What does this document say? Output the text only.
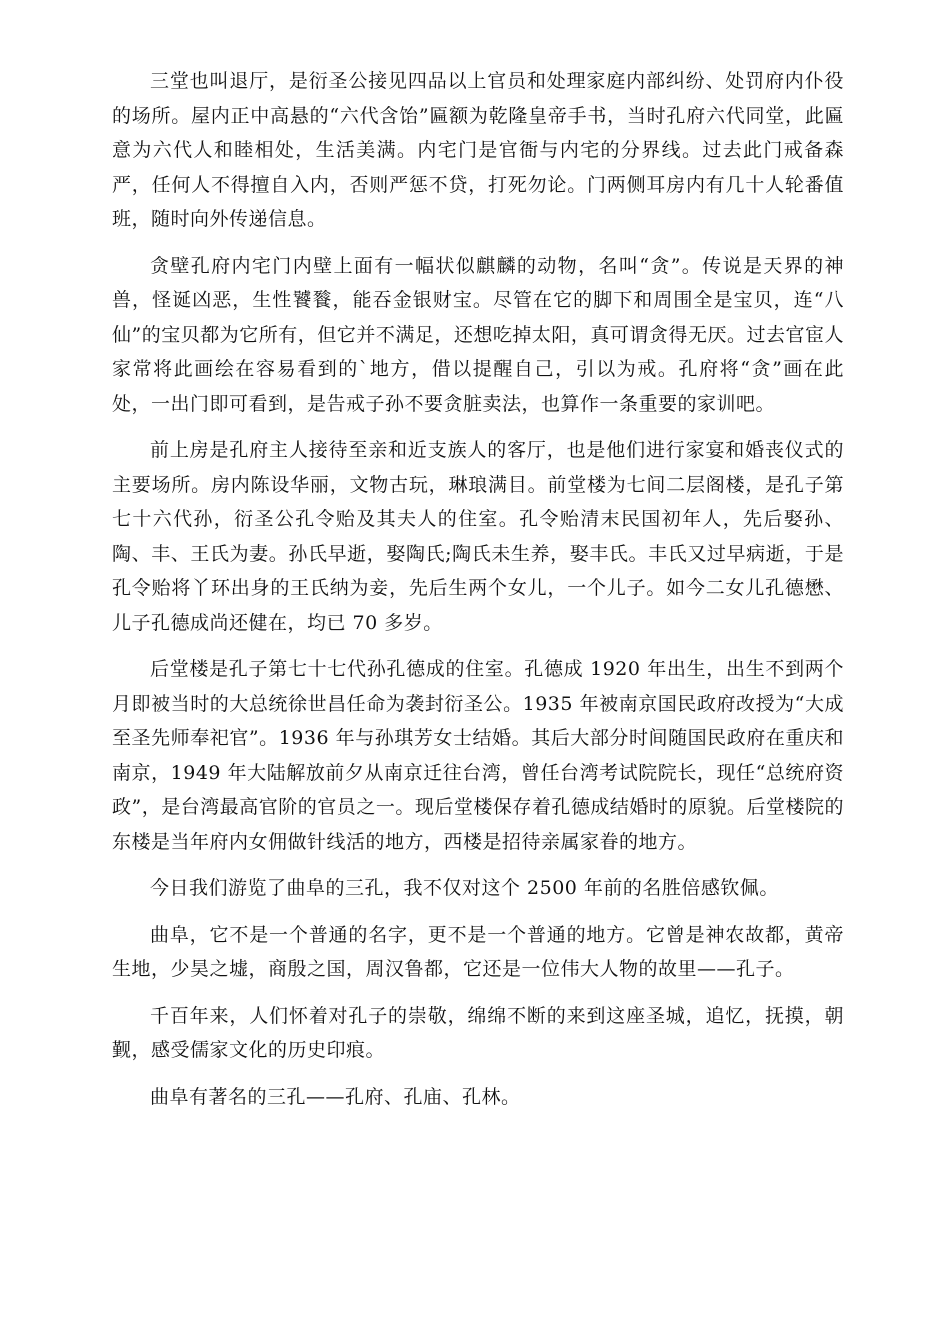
三堂也叫退厅，是衍圣公接见四品以上官员和处理家庭内部纠纷、处罚府内仆役的场所。屋内正中高悬的“六代含饴”匾额为乾隆皇帝手书，当时孔府六代同堂，此匾意为六代人和睦相处，生活美满。内宅门是官衙与内宅的分界线。过去此门戒备森严，任何人不得擅自入内，否则严惩不贷，打死勿论。门两侧耳房内有几十人轮番值班，随时向外传递信息。

贪壁孔府内宅门内壁上面有一幅状似麒麟的动物，名叫“贪”。传说是天界的神兽，怪诞凶恶，生性饕餮，能吞金银财宝。尽管在它的脚下和周围全是宝贝，连“八仙”的宝贝都为它所有，但它并不满足，还想吃掉太阳，真可谓贪得无厌。过去官宦人家常将此画绘在容易看到的`地方，借以提醒自己，引以为戒。孔府将“贪”画在此处，一出门即可看到，是告戒子孙不要贪脏卖法，也算作一条重要的家训吧。

前上房是孔府主人接待至亲和近支族人的客厅，也是他们进行家宴和婚丧仪式的主要场所。房内陈设华丽，文物古玩，琳琅满目。前堂楼为七间二层阁楼，是孔子第七十六代孙，衍圣公孔令贻及其夫人的住室。孔令贻清末民国初年人，先后娶孙、陶、丰、王氏为妻。孙氏早逝，娶陶氏;陶氏未生养，娶丰氏。丰氏又过早病逝，于是孔令贻将丫环出身的王氏纳为妾，先后生两个女儿，一个儿子。如今二女儿孔德懋、儿子孔德成尚还健在，均已 70 多岁。

后堂楼是孔子第七十七代孙孔德成的住室。孔德成 1920 年出生，出生不到两个月即被当时的大总统徐世昌任命为袭封衍圣公。1935 年被南京国民政府改授为“大成至圣先师奉祀官”。1936 年与孙琪芳女士结婚。其后大部分时间随国民政府在重庆和南京，1949 年大陆解放前夕从南京迁往台湾，曾任台湾考试院院长，现任“总统府资政”，是台湾最高官阶的官员之一。现后堂楼保存着孔德成结婚时的原貌。后堂楼院的东楼是当年府内女佣做针线活的地方，西楼是招待亲属家眷的地方。

今日我们游览了曲阜的三孔，我不仅对这个 2500 年前的名胜倍感钦佩。

曲阜，它不是一个普通的名字，更不是一个普通的地方。它曾是神农故都，黄帝生地，少昊之墟，商殷之国，周汉鲁都，它还是一位伟大人物的故里——孔子。

千百年来，人们怀着对孔子的崇敬，绵绵不断的来到这座圣城，追忆，抚摸，朝觐，感受儒家文化的历史印痕。

曲阜有著名的三孔——孔府、孔庙、孔林。
